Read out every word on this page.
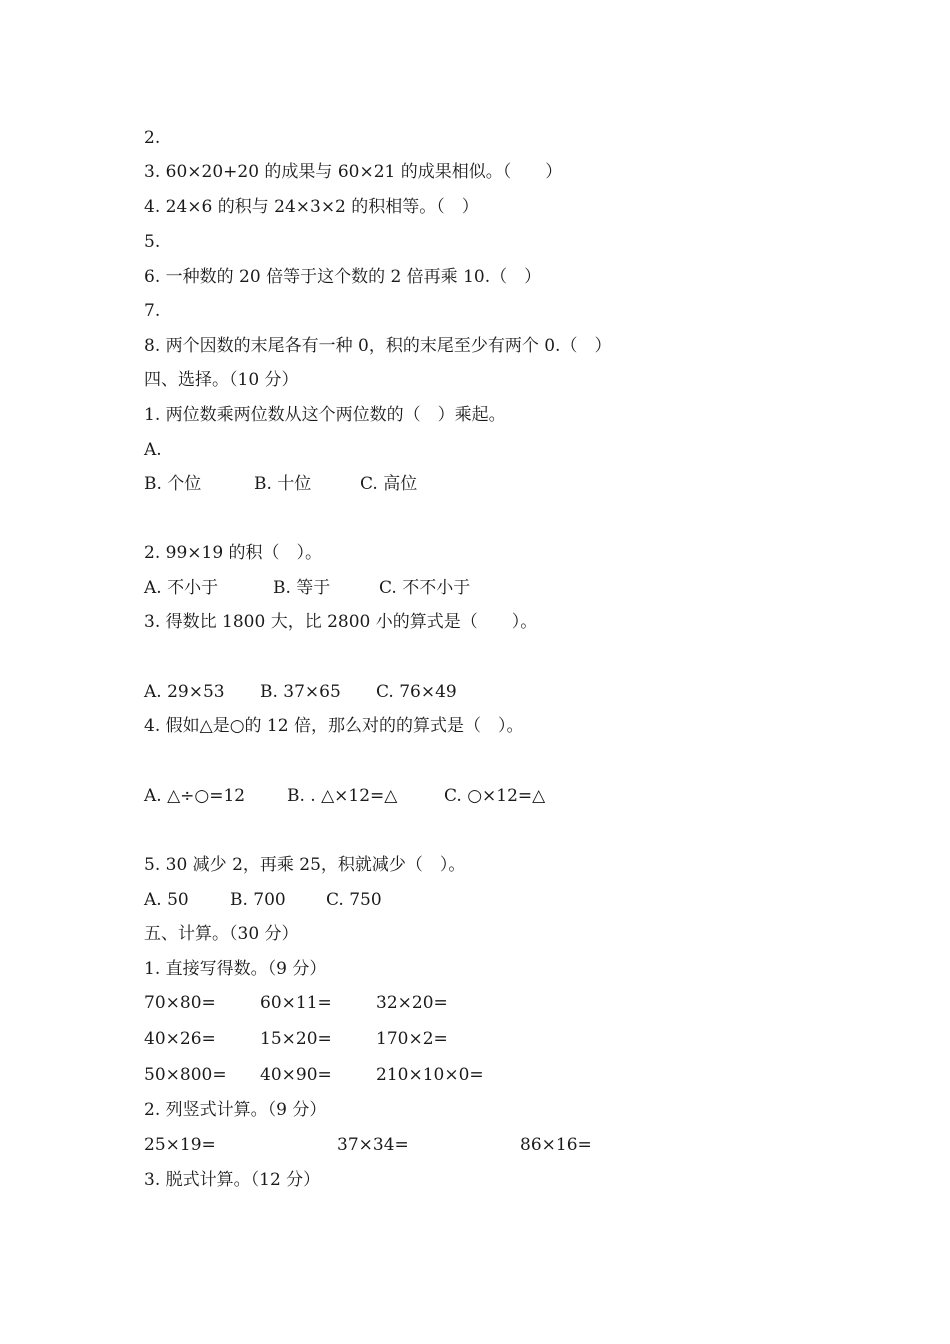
2.
3. 60×20+20 的成果与 60×21 的成果相似。（　　）
4. 24×6 的积与 24×3×2 的积相等。（　）
5.
6. 一种数的 20 倍等于这个数的 2 倍再乘 10.（　）
7.
8. 两个因数的末尾各有一种 0，积的末尾至少有两个 0.（　）
四、选择。（10 分）
1. 两位数乘两位数从这个两位数的（　）乘起。
A.
B. 个位	B. 十位	C. 高位
2. 99×19 的积（　）。
A. 不小于	B. 等于	C. 不不小于
3. 得数比 1800 大，比 2800 小的算式是（　　）。
A. 29×53 B. 37×65 C. 76×49
4. 假如△是○的 12 倍，那么对的的算式是（　）。
A. △÷○=12 B. . △×12=△	C. ○×12=△
5. 30 减少 2，再乘 25，积就减少（　）。
A. 50 B. 700 C. 750
五、计算。（30 分）
1. 直接写得数。（9 分）
70×80=	60×11=	32×20=
40×26=	15×20=	170×2=
50×800= 40×90=	210×10×0=
2. 列竖式计算。（9 分）
25×19=	37×34=	86×16=
3. 脱式计算。（12 分）
